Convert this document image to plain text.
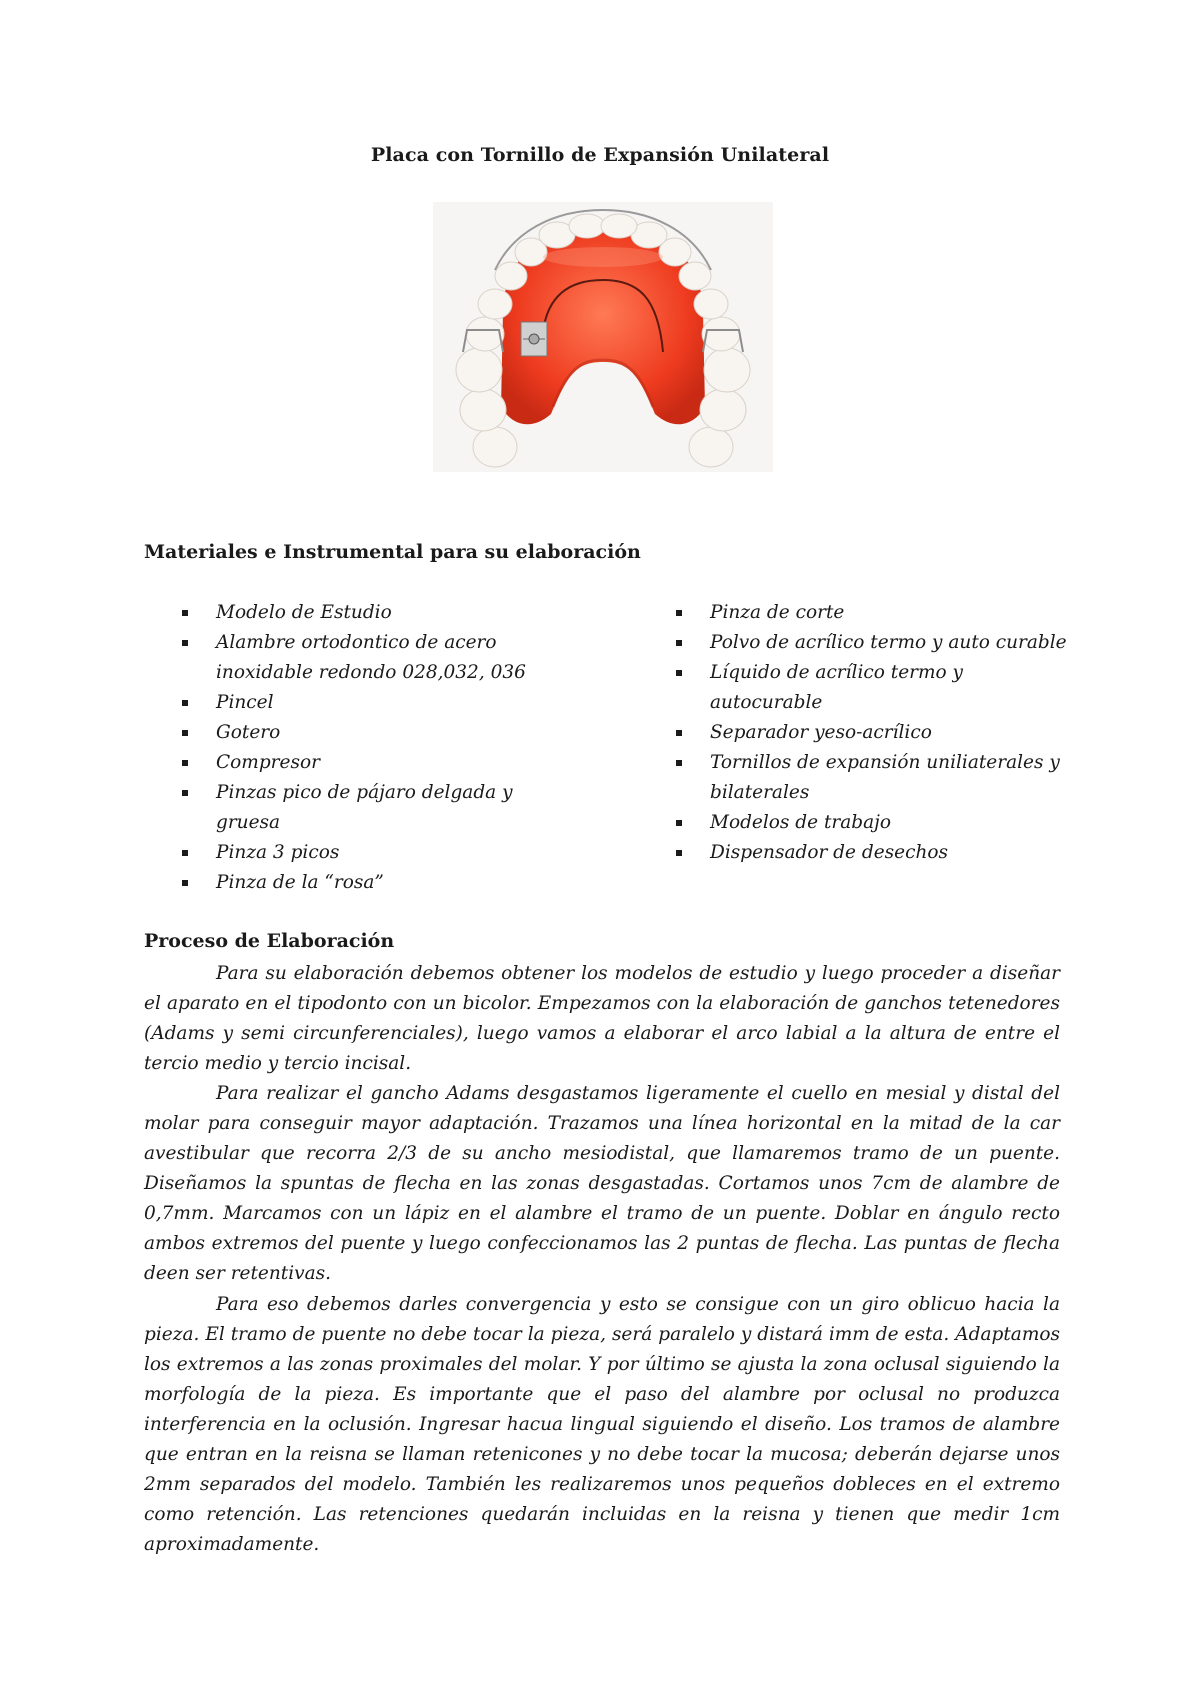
Placa con Tornillo de Expansión Unilateral
Materiales e Instrumental para su elaboración
Modelo de Estudio
Alambre ortodontico de acero inoxidable redondo 028,032, 036
Pincel
Gotero
Compresor
Pinzas pico de pájaro delgada y gruesa
Pinza 3 picos
Pinza de la “rosa”
Pinza de corte
Polvo de acrílico termo y auto curable
Líquido de acrílico termo y autocurable
Separador yeso-acrílico
Tornillos de expansión uniliaterales y bilaterales
Modelos de trabajo
Dispensador de desechos
Proceso de Elaboración

Para su elaboración debemos obtener los modelos de estudio y luego proceder a diseñar el aparato en el tipodonto con un bicolor. Empezamos con la elaboración de ganchos tetenedores (Adams y semi circunferenciales), luego vamos a elaborar el arco labial a la altura de entre el tercio medio y tercio incisal.

Para realizar el gancho Adams desgastamos ligeramente el cuello en mesial y distal del molar para conseguir mayor adaptación. Trazamos una línea horizontal en la mitad de la car avestibular que recorra 2/3 de su ancho mesiodistal, que llamaremos tramo de un puente. Diseñamos la spuntas de flecha en las zonas desgastadas. Cortamos unos 7cm de alambre de 0,7mm. Marcamos con un lápiz en el alambre el tramo de un puente. Doblar en ángulo recto ambos extremos del puente y luego confeccionamos las 2 puntas de flecha. Las puntas de flecha deen ser retentivas.

Para eso debemos darles convergencia y esto se consigue con un giro oblicuo hacia la pieza. El tramo de puente no debe tocar la pieza, será paralelo y distará imm de esta. Adaptamos los extremos a las zonas proximales del molar. Y por último se ajusta la zona oclusal siguiendo la morfología de la pieza. Es importante que el paso del alambre por oclusal no produzca interferencia en la oclusión. Ingresar hacua lingual siguiendo el diseño. Los tramos de alambre que entran en la reisna se llaman retenicones y no debe tocar la mucosa; deberán dejarse unos 2mm separados del modelo. También les realizaremos unos pequeños dobleces en el extremo como retención. Las retenciones quedarán incluidas en la reisna y tienen que medir 1cm aproximadamente.
